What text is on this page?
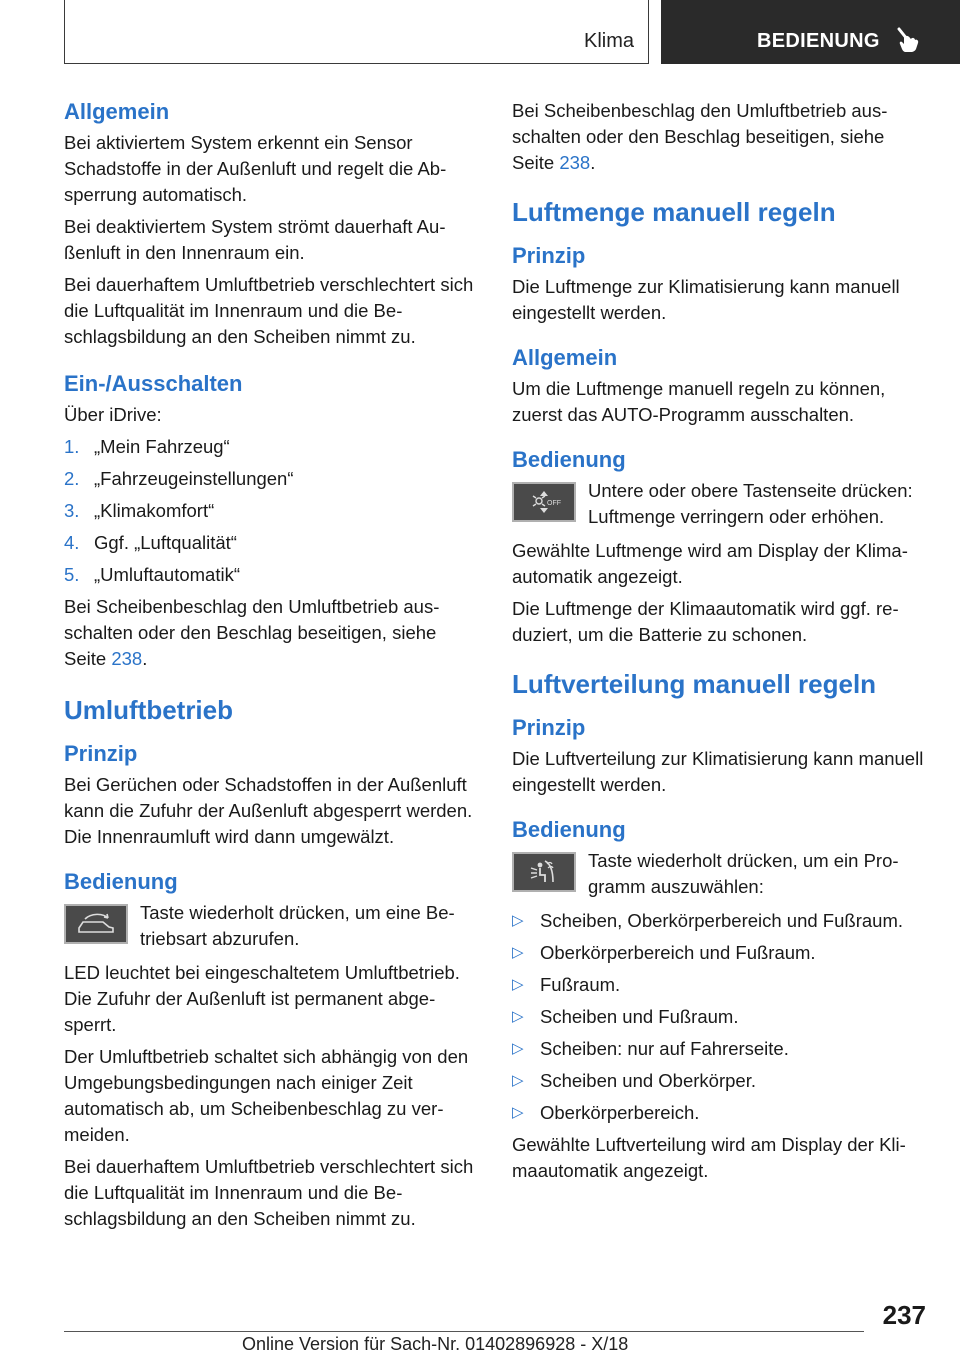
Klima	BEDIENUNG
Allgemein

Bei aktiviertem System erkennt ein Sensor Schadstoffe in der Außenluft und regelt die Absperrung automatisch.

Bei deaktiviertem System strömt dauerhaft Außenluft in den Innenraum ein.

Bei dauerhaftem Umluftbetrieb verschlechtert sich die Luftqualität im Innenraum und die Beschlagsbildung an den Scheiben nimmt zu.

Ein-/Ausschalten

Über iDrive:

1. „Mein Fahrzeug“
2. „Fahrzeugeinstellungen“
3. „Klimakomfort“
4. Ggf. „Luftqualität“
5. „Umluftautomatik“

Bei Scheibenbeschlag den Umluftbetrieb ausschalten oder den Beschlag beseitigen, siehe Seite 238.

Umluftbetrieb
Prinzip

Bei Gerüchen oder Schadstoffen in der Außenluft kann die Zufuhr der Außenluft abgesperrt werden. Die Innenraumluft wird dann umgewälzt.

Bedienung
Taste wiederholt drücken, um eine Betriebsart abzurufen.

LED leuchtet bei eingeschaltetem Umluftbetrieb. Die Zufuhr der Außenluft ist permanent abgesperrt.

Der Umluftbetrieb schaltet sich abhängig von den Umgebungsbedingungen nach einiger Zeit automatisch ab, um Scheibenbeschlag zu vermeiden.

Bei dauerhaftem Umluftbetrieb verschlechtert sich die Luftqualität im Innenraum und die Beschlagsbildung an den Scheiben nimmt zu.

Bei Scheibenbeschlag den Umluftbetrieb ausschalten oder den Beschlag beseitigen, siehe Seite 238.

Luftmenge manuell regeln
Prinzip

Die Luftmenge zur Klimatisierung kann manuell eingestellt werden.

Allgemein

Um die Luftmenge manuell regeln zu können, zuerst das AUTO-Programm ausschalten.

Bedienung
OFF
Untere oder obere Tastenseite drücken: Luftmenge verringern oder erhöhen.

Gewählte Luftmenge wird am Display der Klimaautomatik angezeigt.

Die Luftmenge der Klimaautomatik wird ggf. reduziert, um die Batterie zu schonen.

Luftverteilung manuell regeln
Prinzip

Die Luftverteilung zur Klimatisierung kann manuell eingestellt werden.

Bedienung
Taste wiederholt drücken, um ein Programm auszuwählen:
▷ Scheiben, Oberkörperbereich und Fußraum.
▷ Oberkörperbereich und Fußraum.
▷ Fußraum.
▷ Scheiben und Fußraum.
▷ Scheiben: nur auf Fahrerseite.
▷ Scheiben und Oberkörper.
▷ Oberkörperbereich.

Gewählte Luftverteilung wird am Display der Klimaautomatik angezeigt.

237
Online Version für Sach-Nr. 01402896928 - X/18
